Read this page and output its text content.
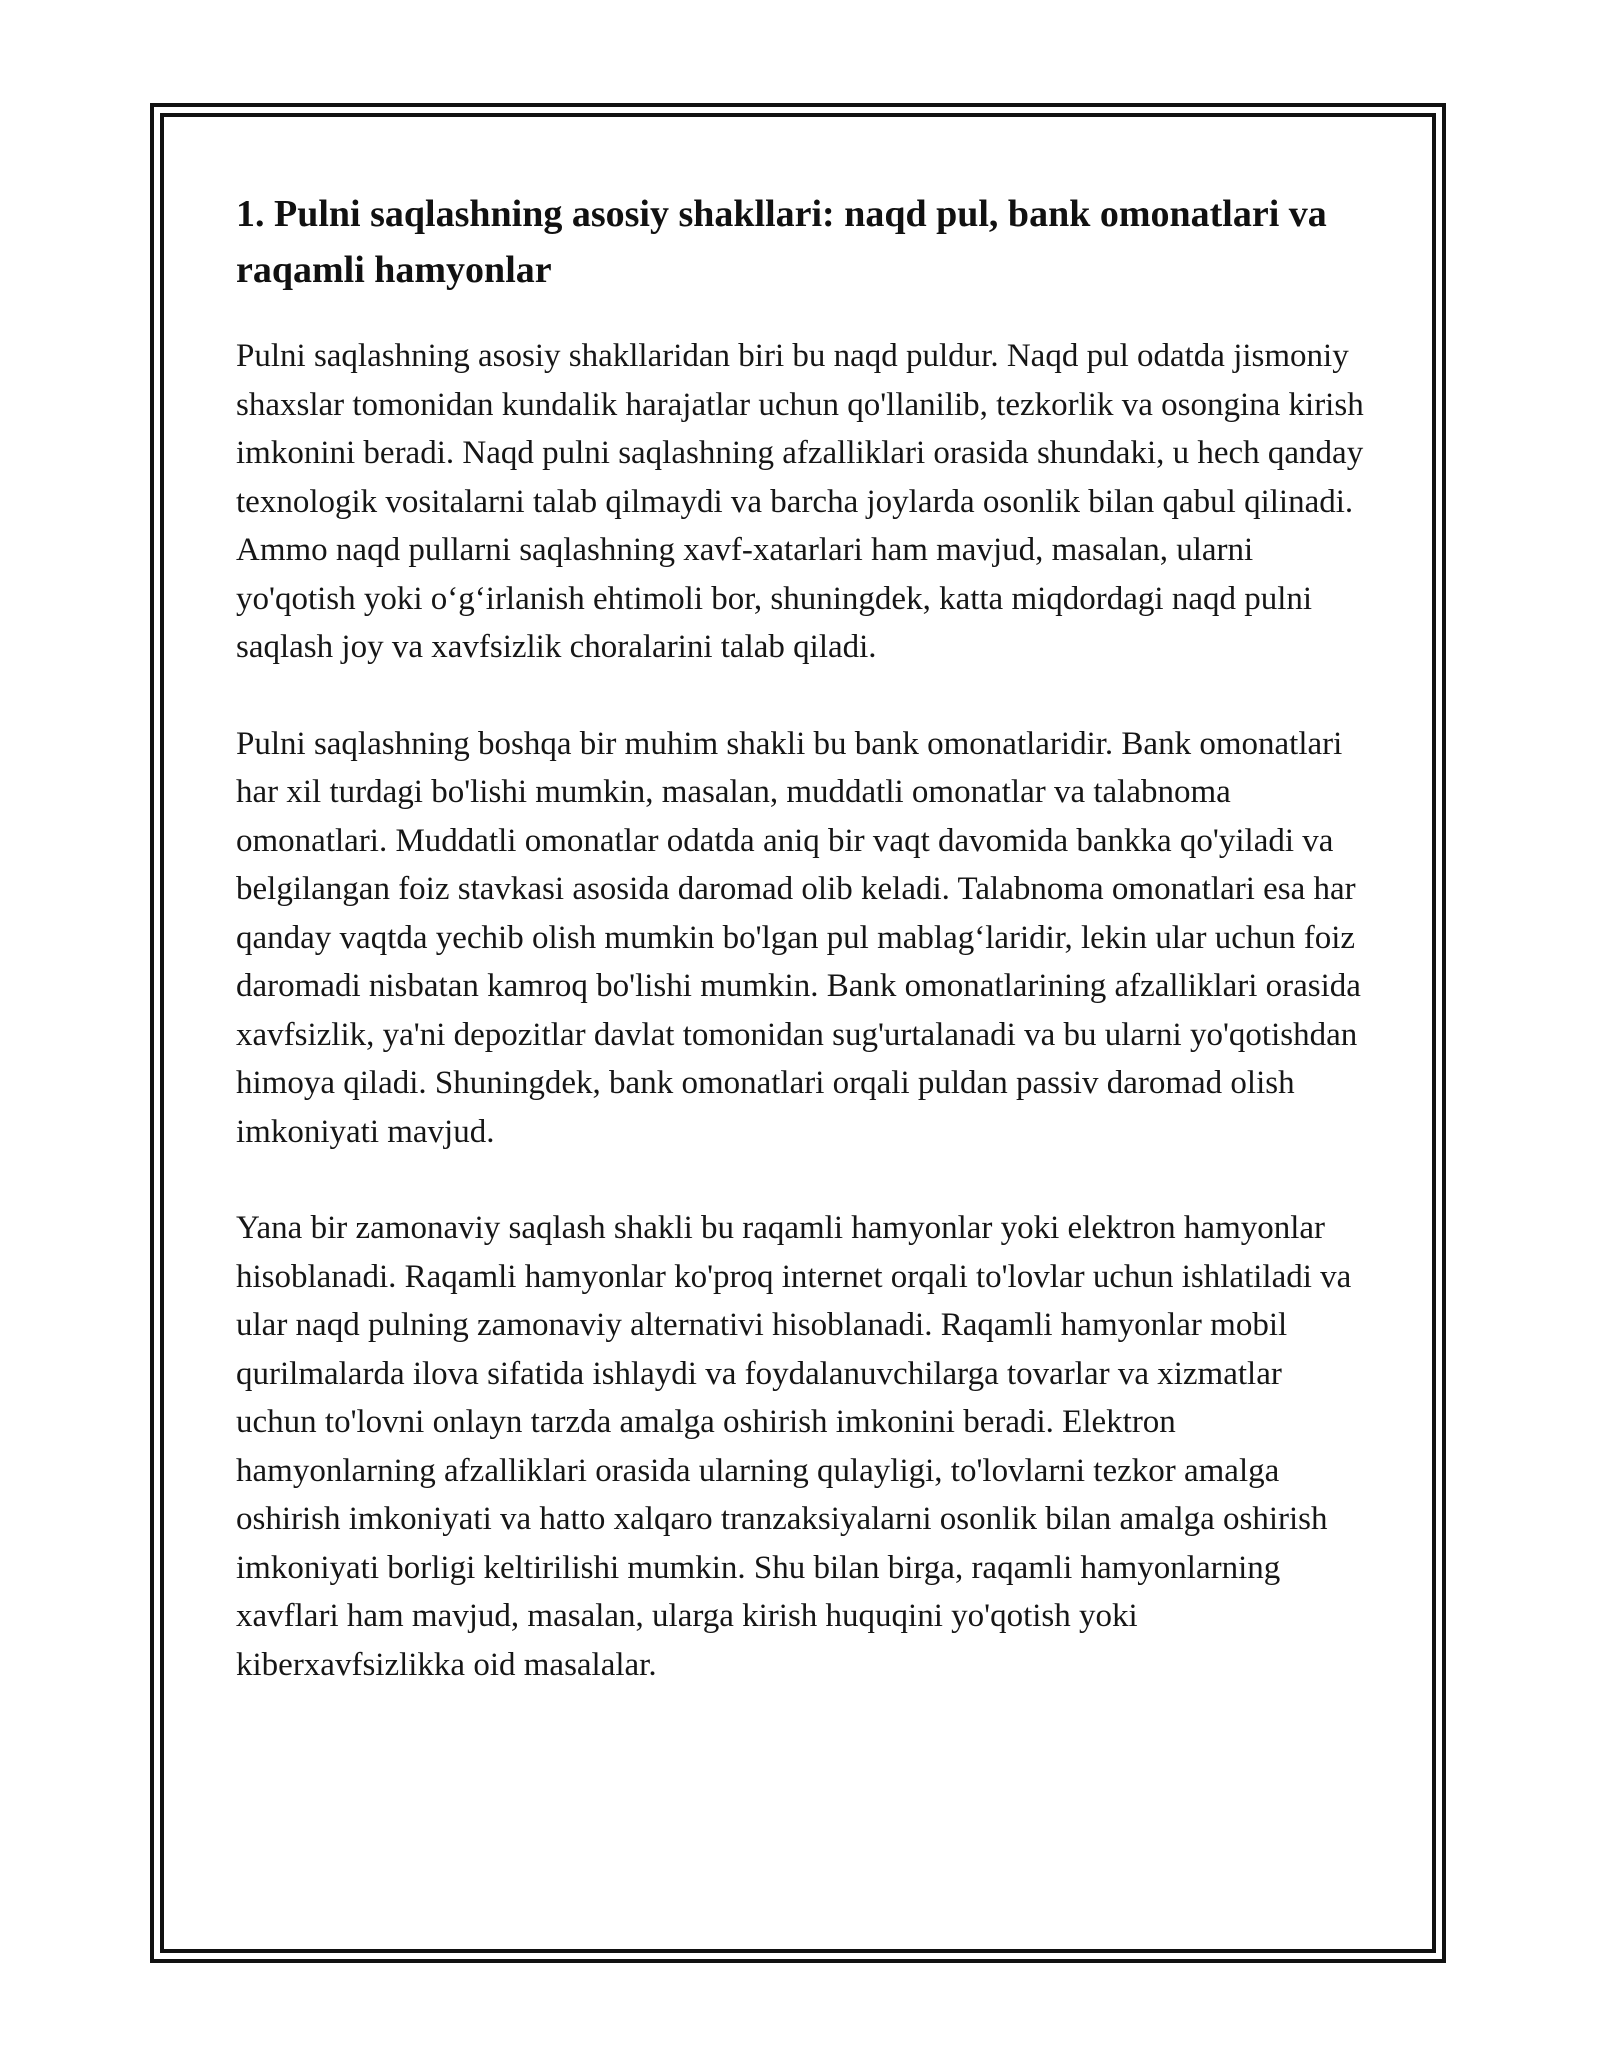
1. Pulni saqlashning asosiy shakllari: naqd pul, bank omonatlari va raqamli hamyonlar

Pulni saqlashning asosiy shakllaridan biri bu naqd puldur. Naqd pul odatda jismoniy shaxslar tomonidan kundalik harajatlar uchun qo'llanilib, tezkorlik va osongina kirish imkonini beradi. Naqd pulni saqlashning afzalliklari orasida shundaki, u hech qanday texnologik vositalarni talab qilmaydi va barcha joylarda osonlik bilan qabul qilinadi. Ammo naqd pullarni saqlashning xavf-xatarlari ham mavjud, masalan, ularni yo'qotish yoki o‘g‘irlanish ehtimoli bor, shuningdek, katta miqdordagi naqd pulni saqlash joy va xavfsizlik choralarini talab qiladi.

Pulni saqlashning boshqa bir muhim shakli bu bank omonatlaridir. Bank omonatlari har xil turdagi bo'lishi mumkin, masalan, muddatli omonatlar va talabnoma omonatlari. Muddatli omonatlar odatda aniq bir vaqt davomida bankka qo'yiladi va belgilangan foiz stavkasi asosida daromad olib keladi. Talabnoma omonatlari esa har qanday vaqtda yechib olish mumkin bo'lgan pul mablag‘laridir, lekin ular uchun foiz daromadi nisbatan kamroq bo'lishi mumkin. Bank omonatlarining afzalliklari orasida xavfsizlik, ya'ni depozitlar davlat tomonidan sug'urtalanadi va bu ularni yo'qotishdan himoya qiladi. Shuningdek, bank omonatlari orqali puldan passiv daromad olish imkoniyati mavjud.

Yana bir zamonaviy saqlash shakli bu raqamli hamyonlar yoki elektron hamyonlar hisoblanadi. Raqamli hamyonlar ko'proq internet orqali to'lovlar uchun ishlatiladi va ular naqd pulning zamonaviy alternativi hisoblanadi. Raqamli hamyonlar mobil qurilmalarda ilova sifatida ishlaydi va foydalanuvchilarga tovarlar va xizmatlar uchun to'lovni onlayn tarzda amalga oshirish imkonini beradi. Elektron hamyonlarning afzalliklari orasida ularning qulayligi, to'lovlarni tezkor amalga oshirish imkoniyati va hatto xalqaro tranzaksiyalarni osonlik bilan amalga oshirish imkoniyati borligi keltirilishi mumkin. Shu bilan birga, raqamli hamyonlarning xavflari ham mavjud, masalan, ularga kirish huquqini yo'qotish yoki kiberxavfsizlikka oid masalalar.
